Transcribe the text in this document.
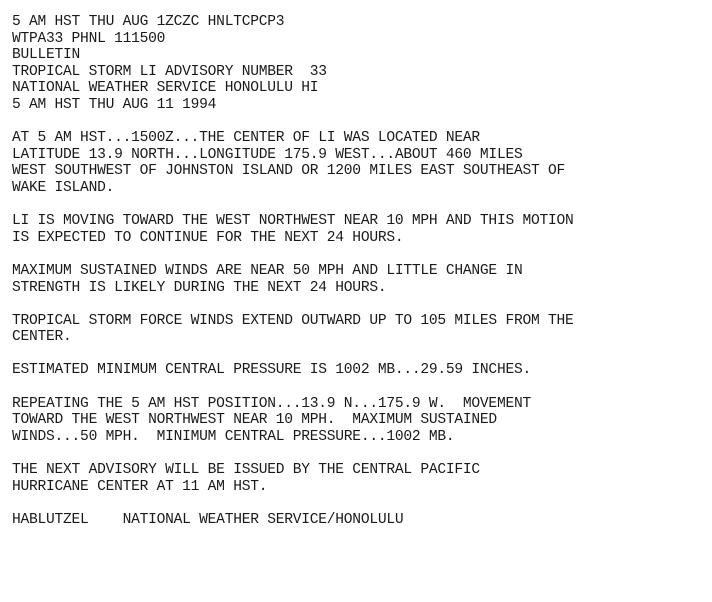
5 AM HST THU AUG 1ZCZC HNLTCPCP3
WTPA33 PHNL 111500
BULLETIN
TROPICAL STORM LI ADVISORY NUMBER  33
NATIONAL WEATHER SERVICE HONOLULU HI
5 AM HST THU AUG 11 1994
AT 5 AM HST...1500Z...THE CENTER OF LI WAS LOCATED NEAR
LATITUDE 13.9 NORTH...LONGITUDE 175.9 WEST...ABOUT 460 MILES
WEST SOUTHWEST OF JOHNSTON ISLAND OR 1200 MILES EAST SOUTHEAST OF
WAKE ISLAND.
LI IS MOVING TOWARD THE WEST NORTHWEST NEAR 10 MPH AND THIS MOTION
IS EXPECTED TO CONTINUE FOR THE NEXT 24 HOURS.
MAXIMUM SUSTAINED WINDS ARE NEAR 50 MPH AND LITTLE CHANGE IN
STRENGTH IS LIKELY DURING THE NEXT 24 HOURS.
TROPICAL STORM FORCE WINDS EXTEND OUTWARD UP TO 105 MILES FROM THE
CENTER.
ESTIMATED MINIMUM CENTRAL PRESSURE IS 1002 MB...29.59 INCHES.
REPEATING THE 5 AM HST POSITION...13.9 N...175.9 W.  MOVEMENT
TOWARD THE WEST NORTHWEST NEAR 10 MPH.  MAXIMUM SUSTAINED
WINDS...50 MPH.  MINIMUM CENTRAL PRESSURE...1002 MB.
THE NEXT ADVISORY WILL BE ISSUED BY THE CENTRAL PACIFIC
HURRICANE CENTER AT 11 AM HST.
HABLUTZEL    NATIONAL WEATHER SERVICE/HONOLULU
